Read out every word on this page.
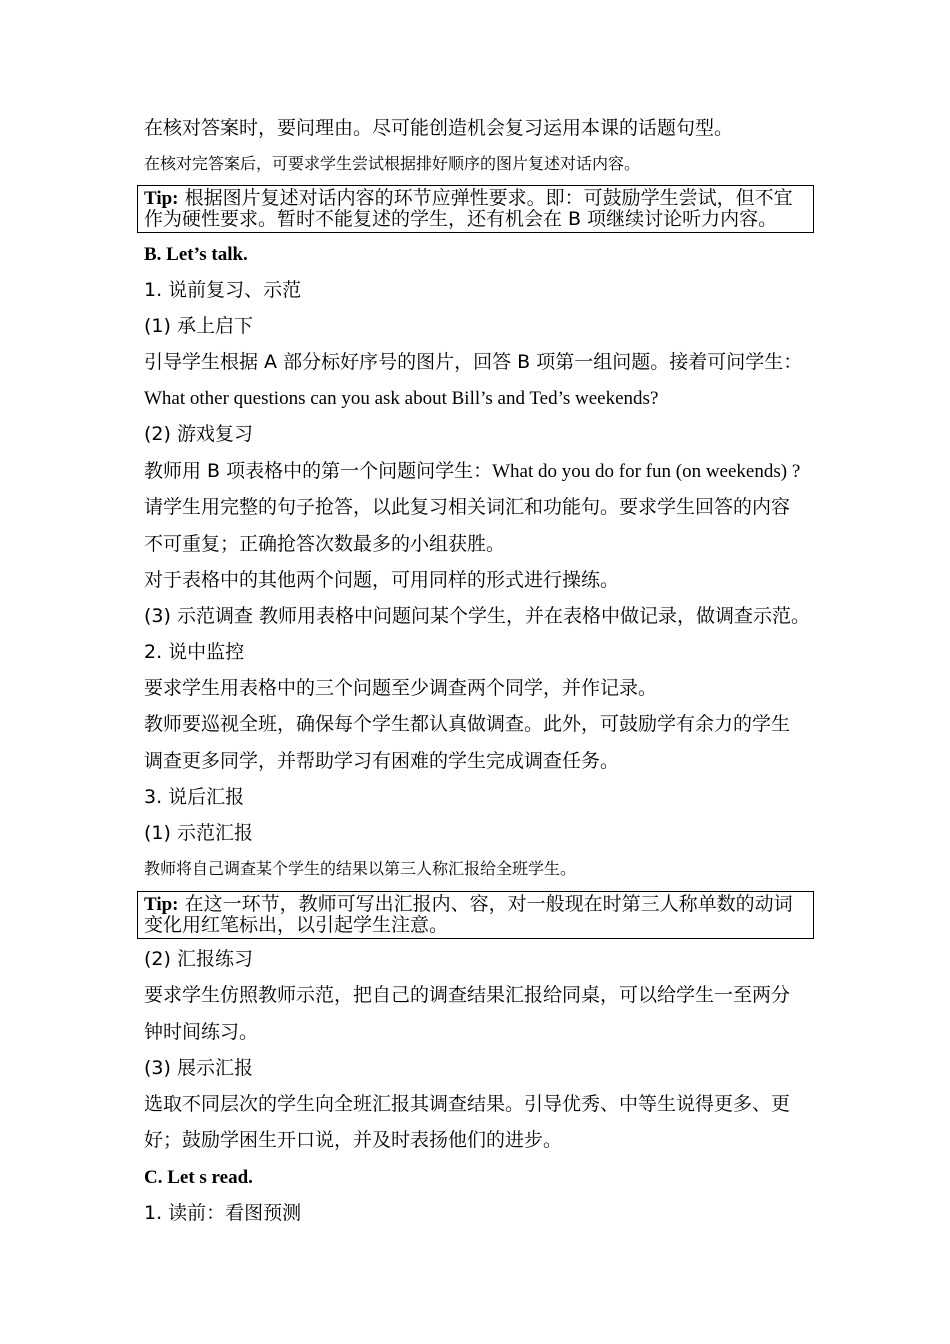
在核对答案时，要问理由。尽可能创造机会复习运用本课的话题句型。
在核对完答案后，可要求学生尝试根据排好顺序的图片复述对话内容。
Tip: 根据图片复述对话内容的环节应弹性要求。即：可鼓励学生尝试，但不宜
作为硬性要求。暂时不能复述的学生，还有机会在 B 项继续讨论听力内容。
B. Let’s talk.
1. 说前复习、示范
(1) 承上启下
引导学生根据 A 部分标好序号的图片，回答 B 项第一组问题。接着可问学生：
What other questions can you ask about Bill’s and Ted’s weekends?
(2) 游戏复习
教师用 B 项表格中的第一个问题问学生：What do you do for fun (on weekends) ?
请学生用完整的句子抢答，以此复习相关词汇和功能句。要求学生回答的内容
不可重复；正确抢答次数最多的小组获胜。
对于表格中的其他两个问题，可用同样的形式进行操练。
(3) 示范调查 教师用表格中问题问某个学生，并在表格中做记录，做调查示范。
2. 说中监控
要求学生用表格中的三个问题至少调查两个同学，并作记录。
教师要巡视全班，确保每个学生都认真做调查。此外，可鼓励学有余力的学生
调查更多同学，并帮助学习有困难的学生完成调查任务。
3. 说后汇报
(1) 示范汇报
教师将自己调查某个学生的结果以第三人称汇报给全班学生。
Tip: 在这一环节，教师可写出汇报内、容，对一般现在时第三人称单数的动词
变化用红笔标出，以引起学生注意。
(2) 汇报练习
要求学生仿照教师示范，把自己的调查结果汇报给同桌，可以给学生一至两分
钟时间练习。
(3) 展示汇报
选取不同层次的学生向全班汇报其调查结果。引导优秀、中等生说得更多、更
好；鼓励学困生开口说，并及时表扬他们的进步。
C. Let s read.
1. 读前：看图预测
